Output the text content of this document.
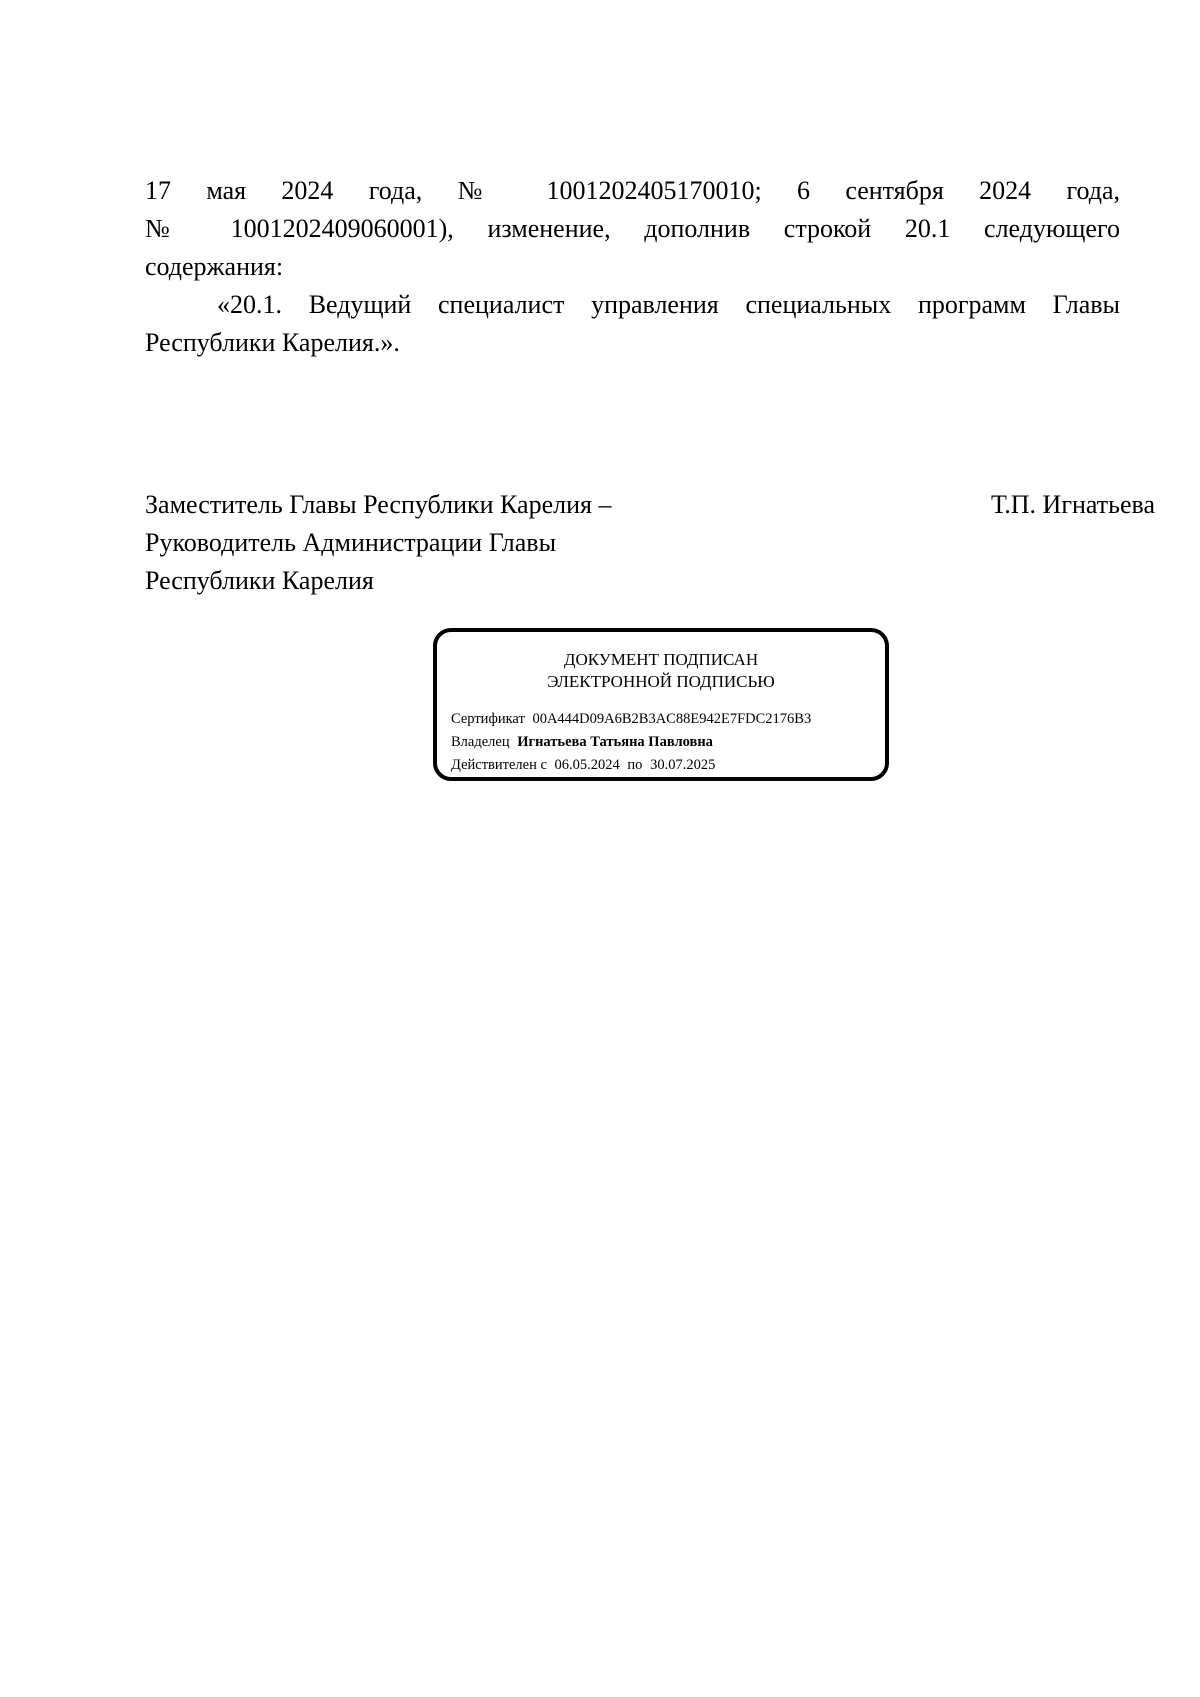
17 мая 2024 года, № 1001202405170010; 6 сентября 2024 года,
№ 1001202409060001), изменение, дополнив строкой 20.1 следующего
содержания:
«20.1. Ведущий специалист управления специальных программ Главы
Республики Карелия.».
Заместитель Главы Республики Карелия –	Т.П. Игнатьева
Руководитель Администрации Главы
Республики Карелия
ДОКУМЕНТ ПОДПИСАН
ЭЛЕКТРОННОЙ ПОДПИСЬЮ
Сертификат 00A444D09A6B2B3AC88E942E7FDC2176B3
Владелец Игнатьева Татьяна Павловна
Действителен с 06.05.2024 по 30.07.2025
